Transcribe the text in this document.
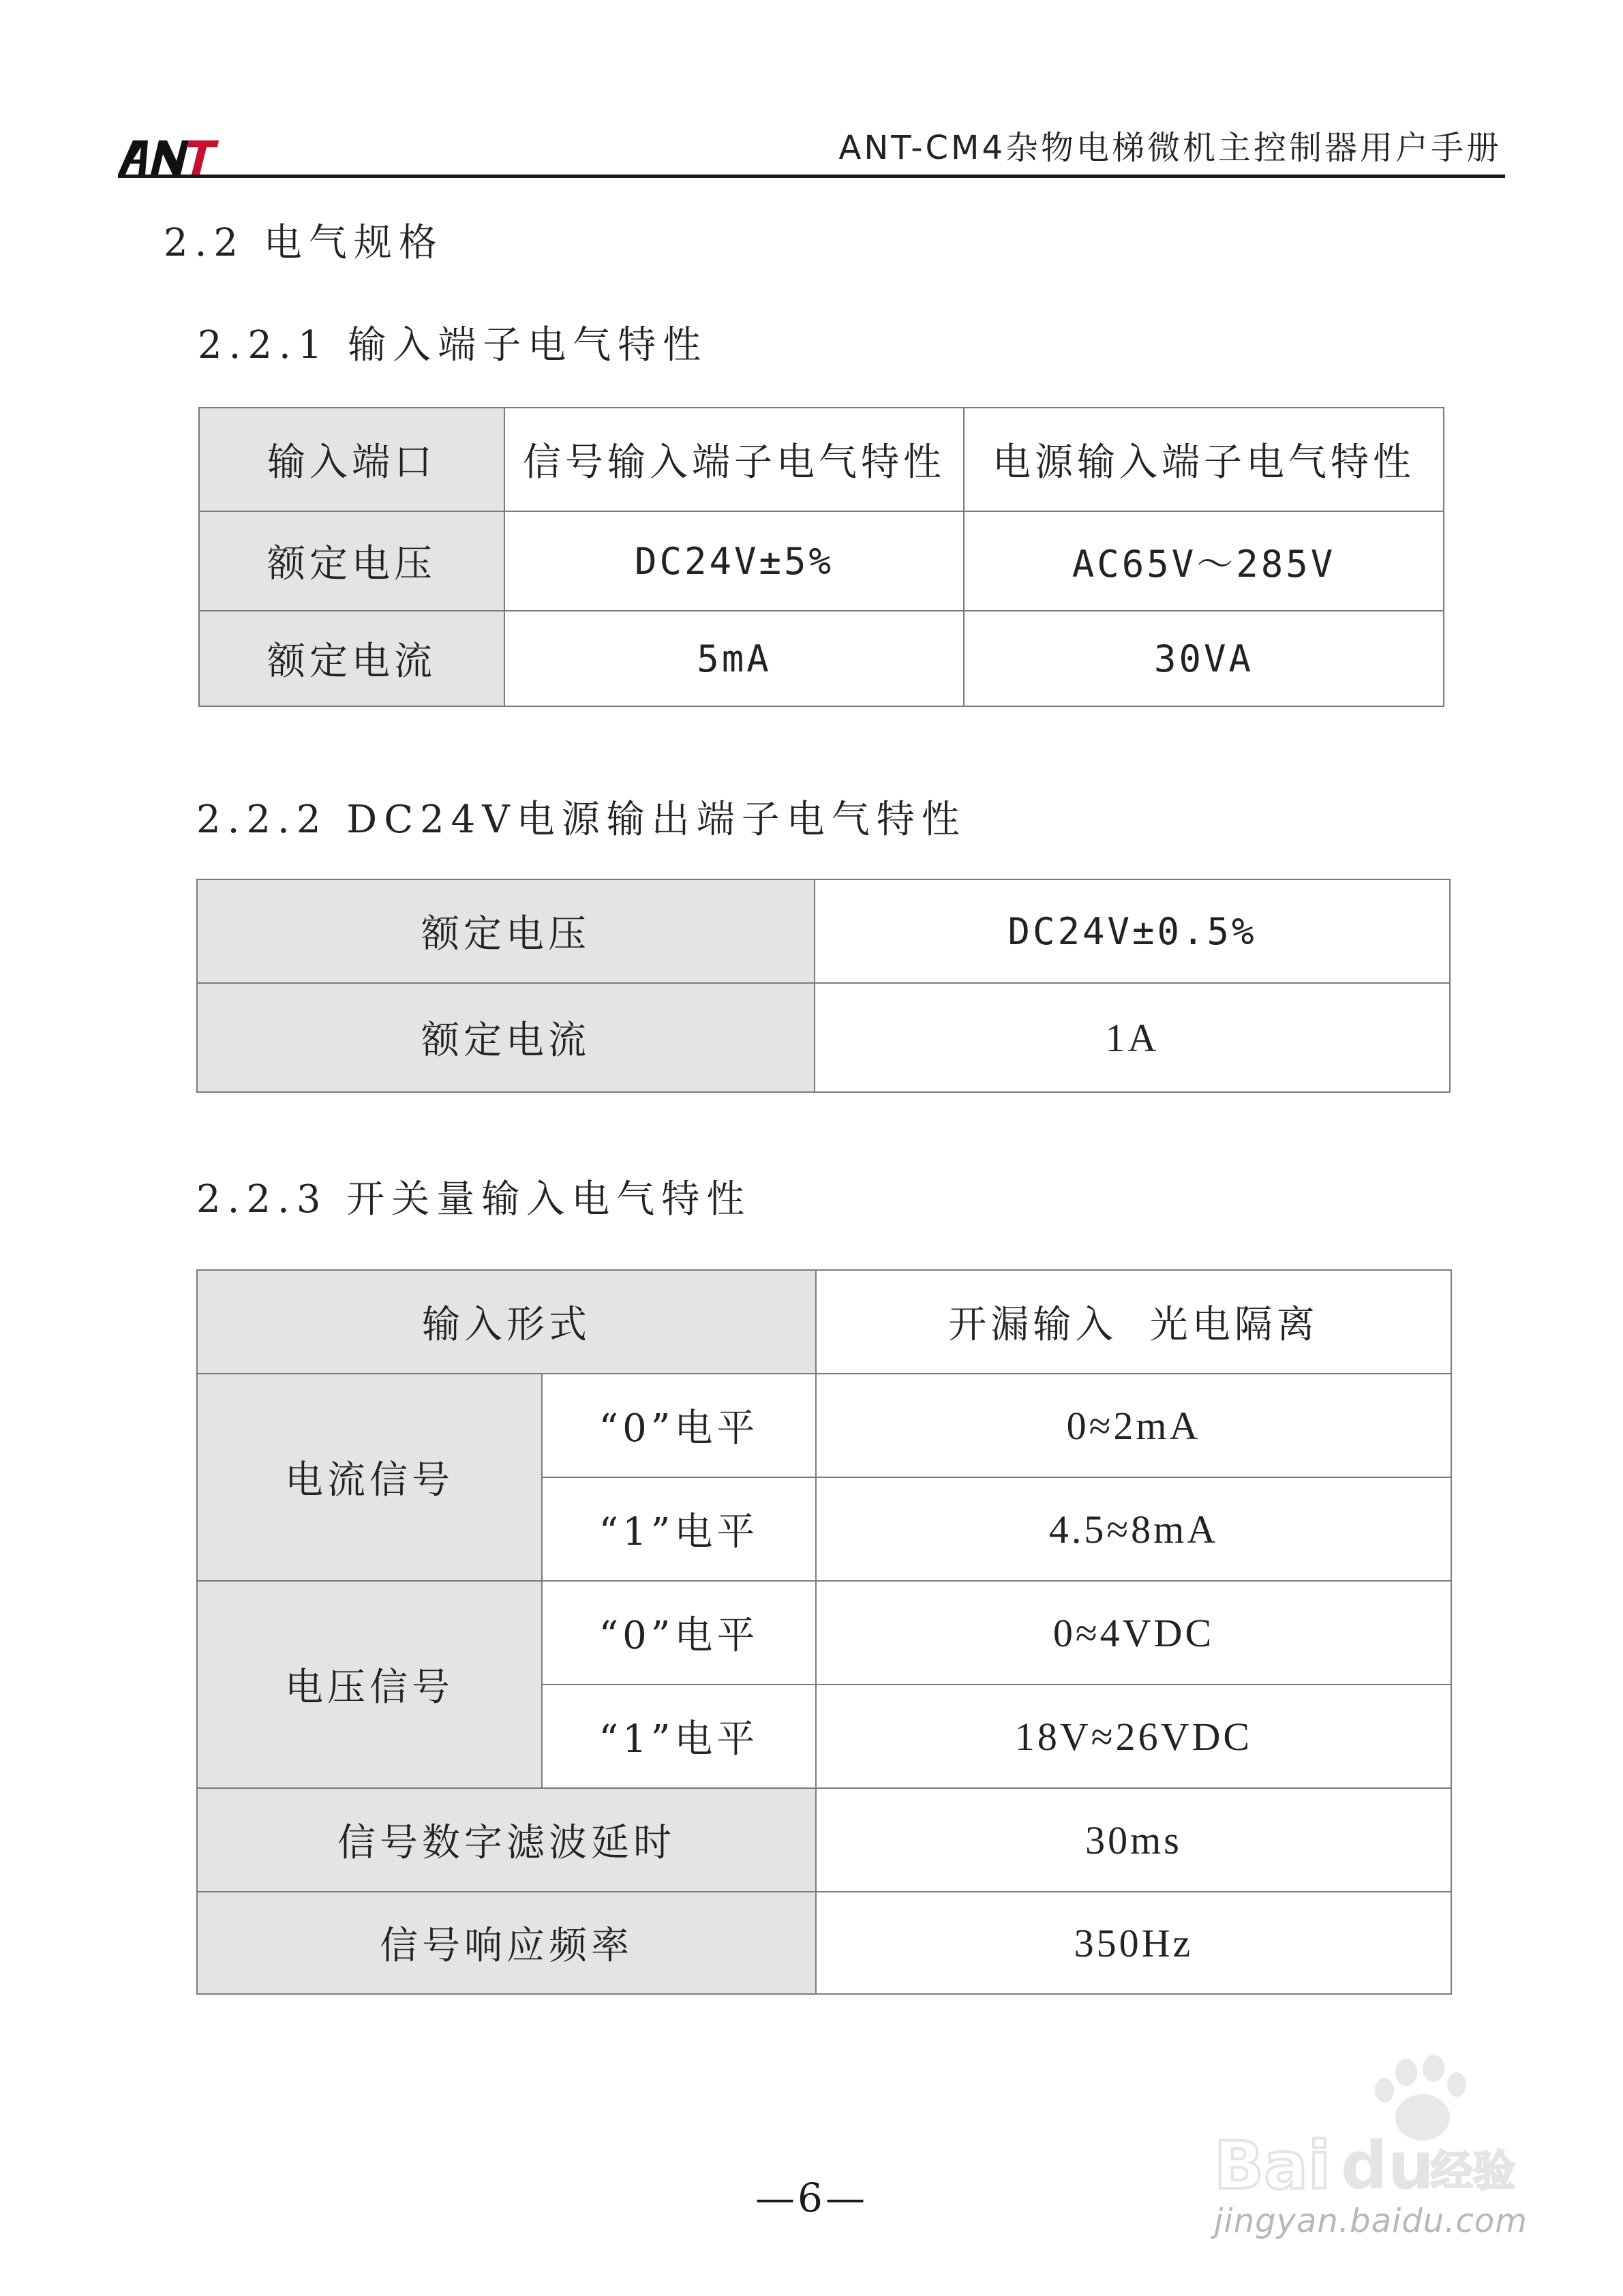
ANT-CM4杂物电梯微机主控制器用户手册
2.2 电气规格
2.2.1 输入端子电气特性
输入端口	信号输入端子电气特性	电源输入端子电气特性
额定电压	DC24V±5%	AC65V～285V
额定电流	5mA	30VA
2.2.2 DC24V电源输出端子电气特性
额定电压	DC24V±0.5%
额定电流	1A
2.2.3 开关量输入电气特性
输入形式		开漏输入  光电隔离
电流信号	“0”电平	0≈2mA
	“1”电平	4.5≈8mA
电压信号	“0”电平	0≈4VDC
	“1”电平	18V≈26VDC
信号数字滤波延时		30ms
信号响应频率		350Hz
—6—	Bai du
经验
jingyan.baidu.com
